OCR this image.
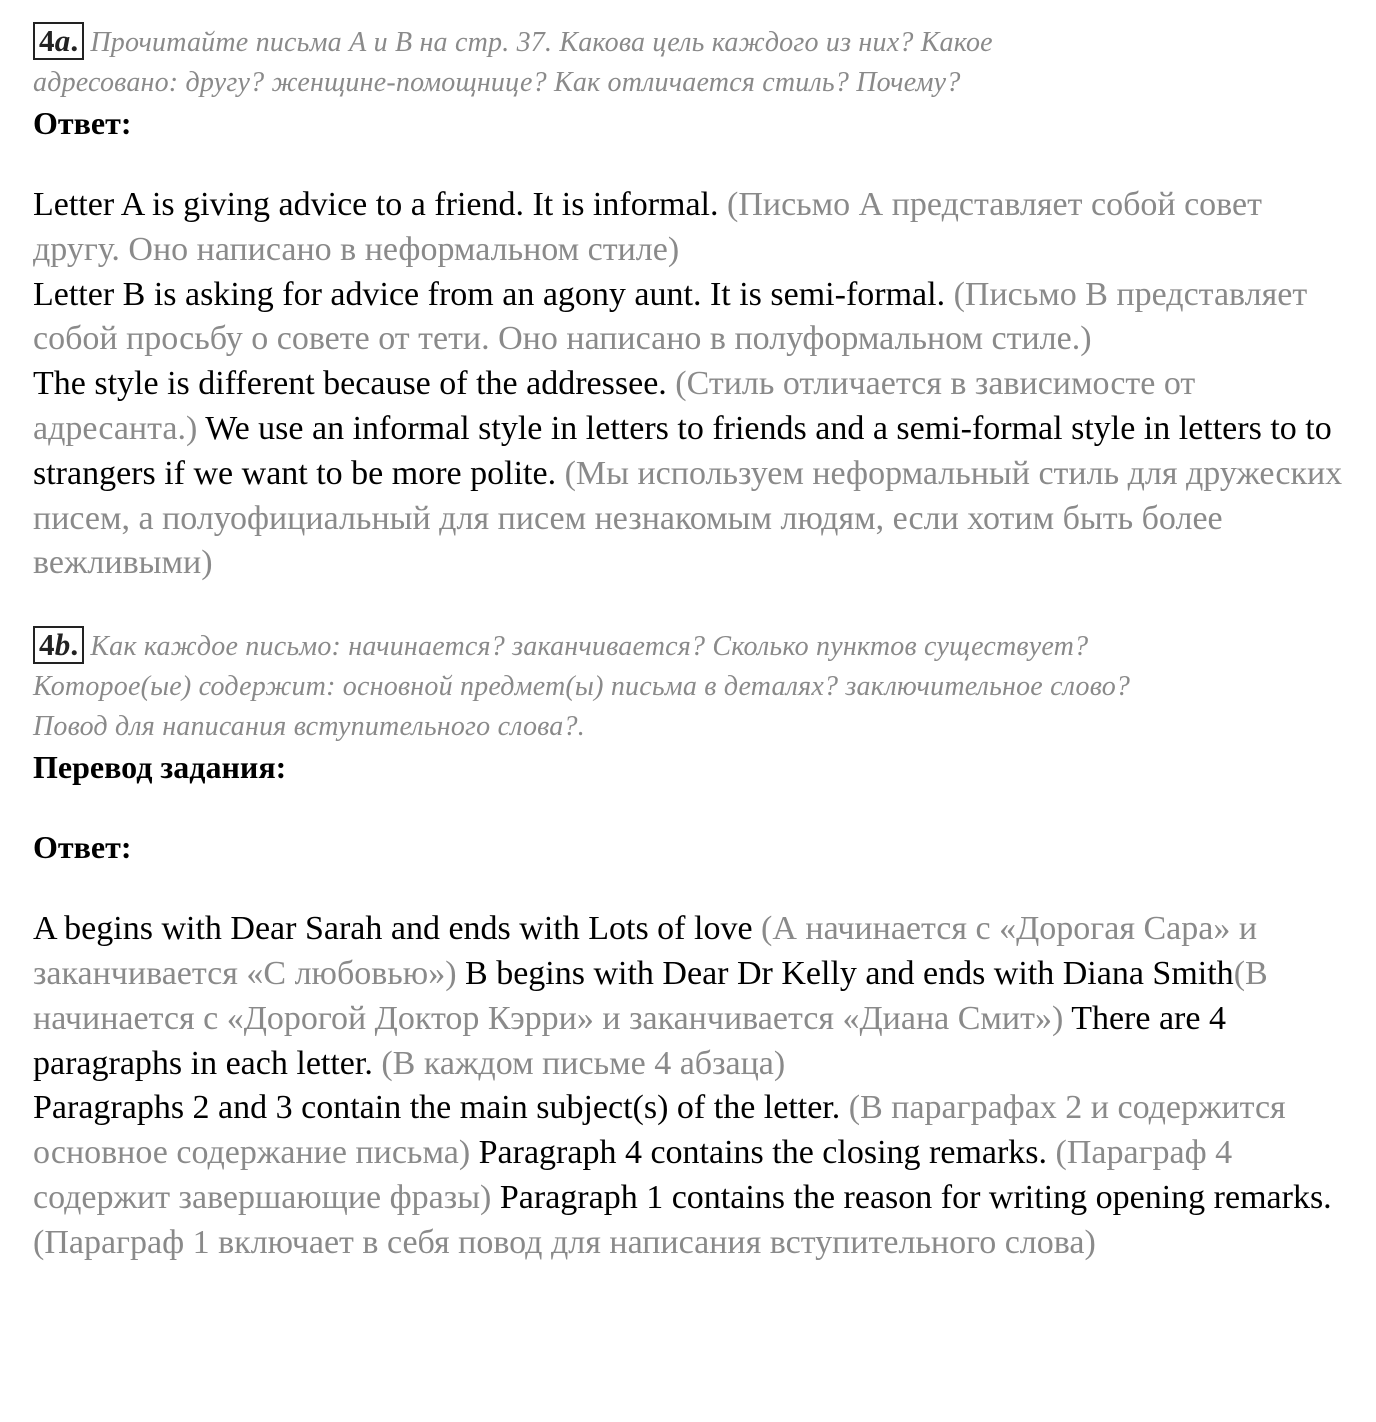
4a. Прочитайте письма А и В на стр. 37. Какова цель каждого из них? Какое
адресовано: другу? женщине-помощнице? Как отличается стиль? Почему?
Ответ:
Letter A is giving advice to a friend. It is informal. (Письмо А представляет собой совет другу. Оно написано в неформальном стиле)
Letter B is asking for advice from an agony aunt. It is semi-formal. (Письмо В представляет собой просьбу о совете от тети. Оно написано в полуформальном стиле.)
The style is different because of the addressee. (Стиль отличается в зависимосте от адресанта.) We use an informal style in letters to friends and a semi-formal style in letters to to strangers if we want to be more polite. (Мы используем неформальный стиль для дружеских писем, а полуофициальный для писем незнакомым людям, если хотим быть более вежливыми)
4b. Как каждое письмо: начинается? заканчивается? Сколько пунктов существует?
Которое(ые) содержит: основной предмет(ы) письма в деталях? заключительное слово?
Повод для написания вступительного слова?.
Перевод задания:
Ответ:
A begins with Dear Sarah and ends with Lots of love (А начинается с «Дорогая Сара» и заканчивается «С любовью») B begins with Dear Dr Kelly and ends with Diana Smith(В начинается с «Дорогой Доктор Кэрри» и заканчивается «Диана Смит») There are 4 paragraphs in each letter. (В каждом письме 4 абзаца)
Paragraphs 2 and 3 contain the main subject(s) of the letter. (В параграфах 2 и содержится основное содержание письма) Paragraph 4 contains the closing remarks. (Параграф 4 содержит завершающие фразы) Paragraph 1 contains the reason for writing opening remarks. (Параграф 1 включает в себя повод для написания вступительного слова)
